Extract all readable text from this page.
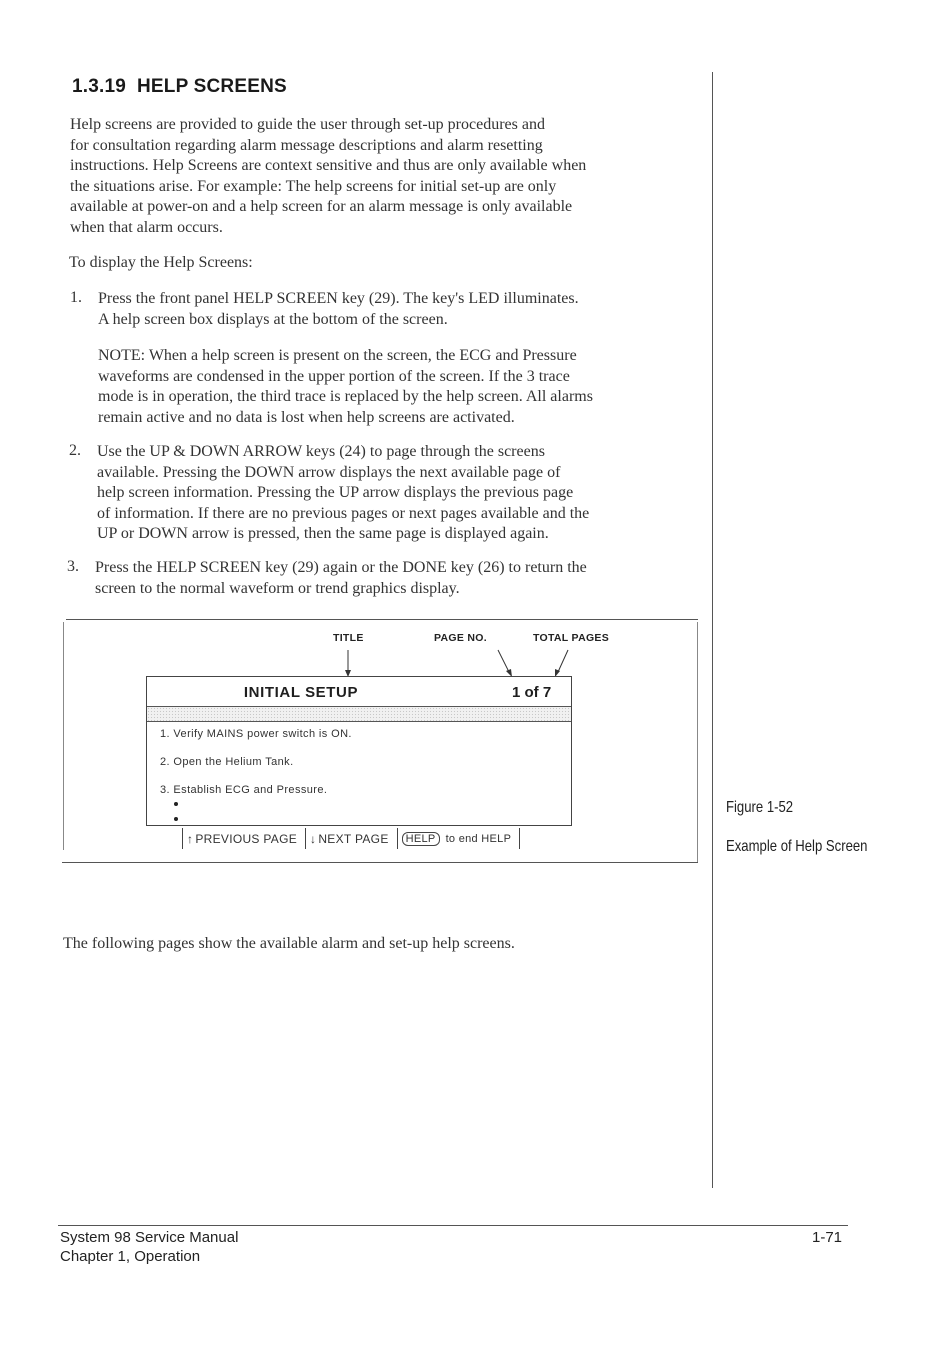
1.3.19 HELP SCREENS
Help screens are provided to guide the user through set-up procedures and
for consultation regarding alarm message descriptions and alarm resetting
instructions. Help Screens are context sensitive and thus are only available when
the situations arise. For example: The help screens for initial set-up are only
available at power-on and a help screen for an alarm message is only available
when that alarm occurs.
To display the Help Screens:
1. Press the front panel HELP SCREEN key (29). The key's LED illuminates.
A help screen box displays at the bottom of the screen.
NOTE: When a help screen is present on the screen, the ECG and Pressure
waveforms are condensed in the upper portion of the screen. If the 3 trace
mode is in operation, the third trace is replaced by the help screen. All alarms
remain active and no data is lost when help screens are activated.
2. Use the UP & DOWN ARROW keys (24) to page through the screens
available. Pressing the DOWN arrow displays the next available page of
help screen information. Pressing the UP arrow displays the previous page
of information. If there are no previous pages or next pages available and the
UP or DOWN arrow is pressed, then the same page is displayed again.
3. Press the HELP SCREEN key (29) again or the DONE key (26) to return the
screen to the normal waveform or trend graphics display.
TITLE	PAGE NO.	TOTAL PAGES
INITIAL SETUP	1 of 7
1. Verify MAINS power switch is ON.
2. Open the Helium Tank.
3. Establish ECG and Pressure.
↑ PREVIOUS PAGE ↓ NEXT PAGE	HELP to end HELP
Figure 1-52
Example of Help Screen
The following pages show the available alarm and set-up help screens.
System 98 Service Manual
Chapter 1, Operation
1-71
